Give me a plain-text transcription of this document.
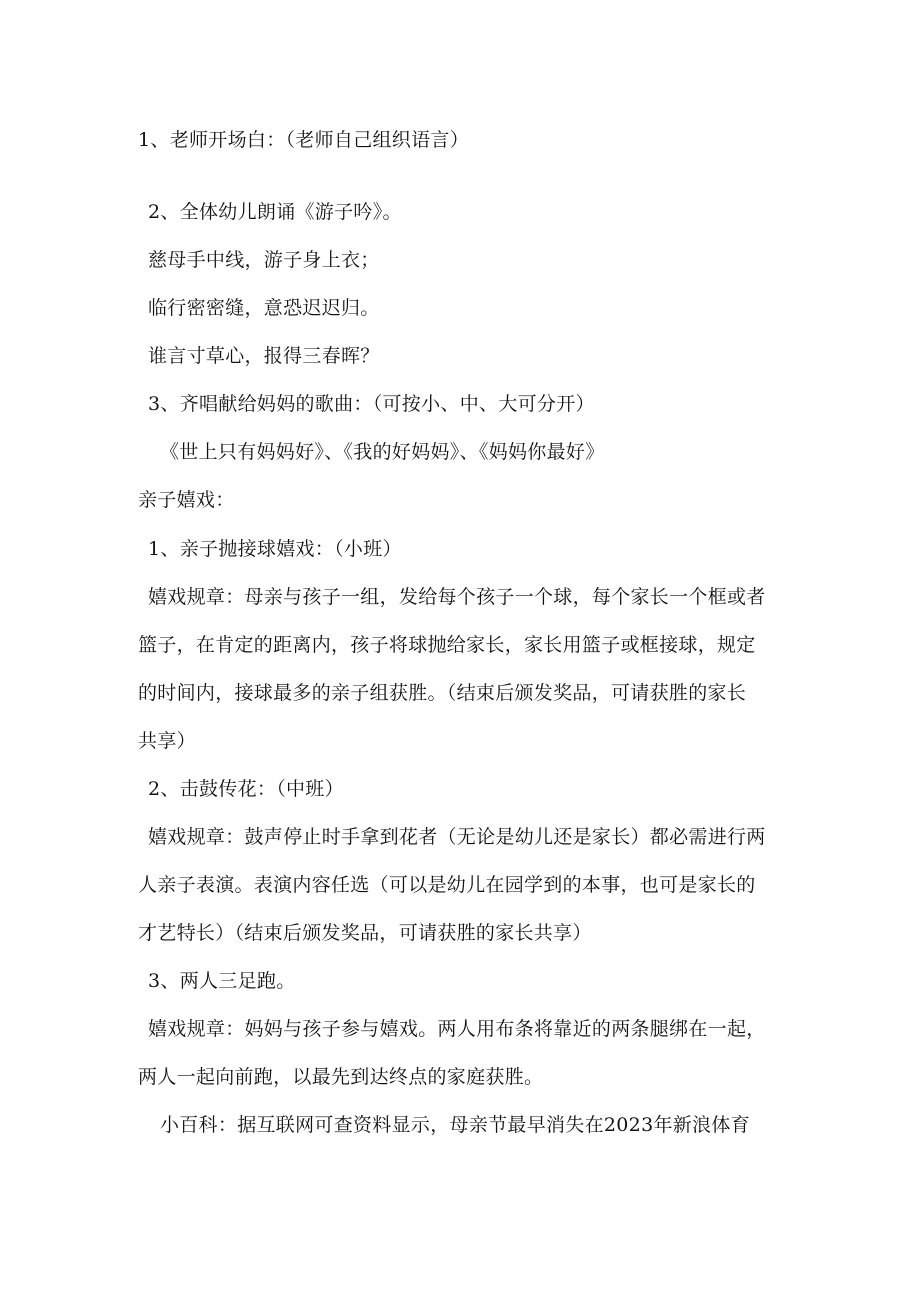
1、老师开场白：（老师自己组织语言）
2、全体幼儿朗诵《游子吟》。
慈母手中线，游子身上衣；
临行密密缝，意恐迟迟归。
谁言寸草心，报得三春晖？
3、齐唱献给妈妈的歌曲：（可按小、中、大可分开）
《世上只有妈妈好》、《我的好妈妈》、《妈妈你最好》
亲子嬉戏：
1、亲子抛接球嬉戏：（小班）
嬉戏规章：母亲与孩子一组，发给每个孩子一个球，每个家长一个框或者
篮子，在肯定的距离内，孩子将球抛给家长，家长用篮子或框接球，规定
的时间内，接球最多的亲子组获胜。（结束后颁发奖品，可请获胜的家长
共享）
2、击鼓传花：（中班）
嬉戏规章：鼓声停止时手拿到花者（无论是幼儿还是家长）都必需进行两
人亲子表演。表演内容任选（可以是幼儿在园学到的本事，也可是家长的
才艺特长）（结束后颁发奖品，可请获胜的家长共享）
3、两人三足跑。
嬉戏规章：妈妈与孩子参与嬉戏。两人用布条将靠近的两条腿绑在一起，
两人一起向前跑，以最先到达终点的家庭获胜。
小百科：据互联网可查资料显示，母亲节最早消失在2023年新浪体育
